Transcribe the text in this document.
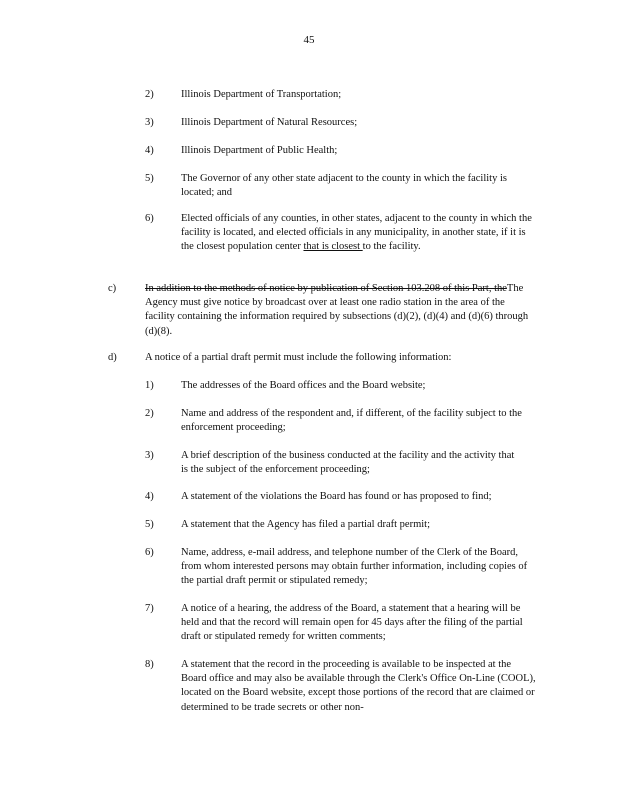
45
2)	Illinois Department of Transportation;
3)	Illinois Department of Natural Resources;
4)	Illinois Department of Public Health;
5)	The Governor of any other state adjacent to the county in which the facility is located; and
6)	Elected officials of any counties, in other states, adjacent to the county in which the facility is located, and elected officials in any municipality, in another state, if it is the closest population center that is closest to the facility.
c)	In addition to the methods of notice by publication of Section 103.208 of this Part, theThe Agency must give notice by broadcast over at least one radio station in the area of the facility containing the information required by subsections (d)(2), (d)(4) and (d)(6) through (d)(8).
d)	A notice of a partial draft permit must include the following information:
1)	The addresses of the Board offices and the Board website;
2)	Name and address of the respondent and, if different, of the facility subject to the enforcement proceeding;
3)	A brief description of the business conducted at the facility and the activity that is the subject of the enforcement proceeding;
4)	A statement of the violations the Board has found or has proposed to find;
5)	A statement that the Agency has filed a partial draft permit;
6)	Name, address, e-mail address, and telephone number of the Clerk of the Board, from whom interested persons may obtain further information, including copies of the partial draft permit or stipulated remedy;
7)	A notice of a hearing, the address of the Board, a statement that a hearing will be held and that the record will remain open for 45 days after the filing of the partial draft or stipulated remedy for written comments;
8)	A statement that the record in the proceeding is available to be inspected at the Board office and may also be available through the Clerk's Office On-Line (COOL), located on the Board website, except those portions of the record that are claimed or determined to be trade secrets or other non-
